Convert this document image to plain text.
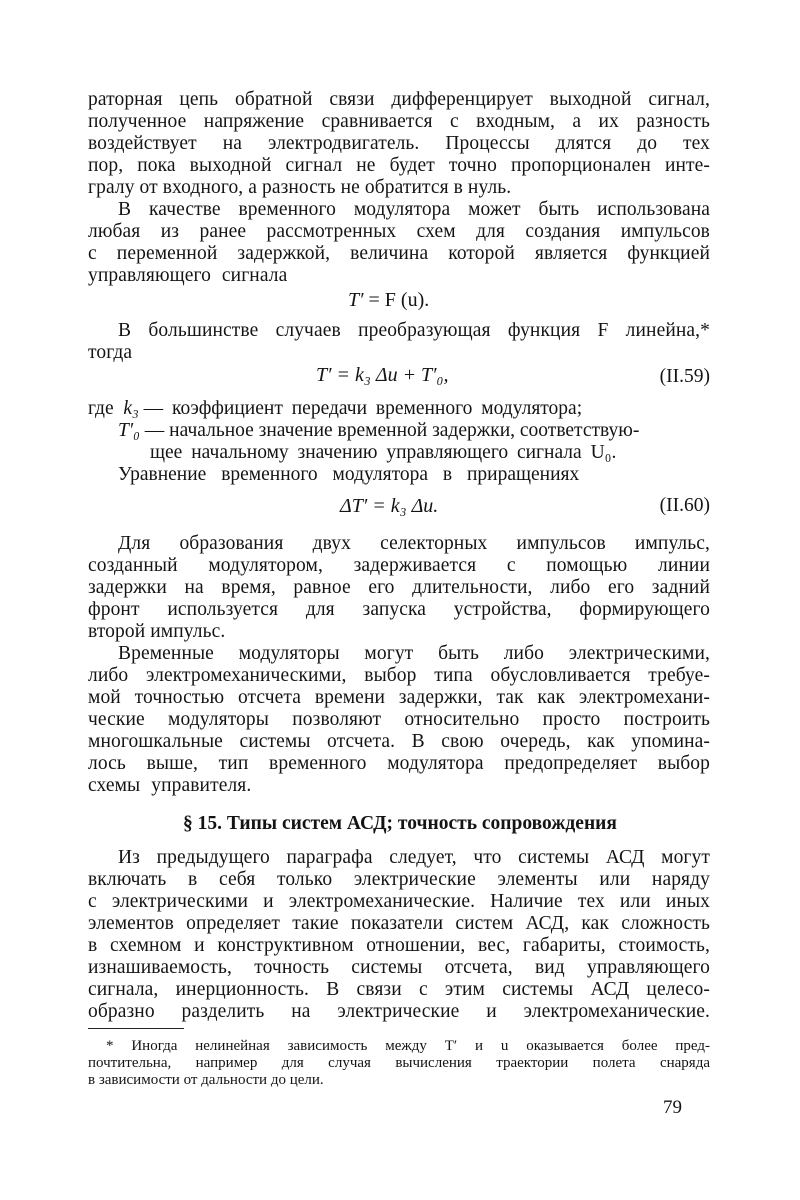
раторная цепь обратной связи дифференцирует выходной сигнал,
полученное напряжение сравнивается с входным, а их разность
воздействует на электродвигатель. Процессы длятся до тех
пор, пока выходной сигнал не будет точно пропорционален инте-
гралу от входного, а разность не обратится в нуль.
В качестве временного модулятора может быть использована
любая из ранее рассмотренных схем для создания импульсов
с переменной задержкой, величина которой является функцией
управляющего сигнала
T′ = F (u).
В большинстве случаев преобразующая функция F линейна,*
тогда
T′ = k₃ Δu + T′₀,	(II.59)
где k₃ — коэффициент передачи временного модулятора;
T′₀ — начальное значение временной задержки, соответствую-
щее начальному значению управляющего сигнала U₀.
Уравнение временного модулятора в приращениях
ΔT′ = k₃ Δu.	(II.60)
Для образования двух селекторных импульсов импульс,
созданный модулятором, задерживается с помощью линии
задержки на время, равное его длительности, либо его задний
фронт используется для запуска устройства, формирующего
второй импульс.
Временные модуляторы могут быть либо электрическими,
либо электромеханическими, выбор типа обусловливается требуе-
мой точностью отсчета времени задержки, так как электромехани-
ческие модуляторы позволяют относительно просто построить
многошкальные системы отсчета. В свою очередь, как упомина-
лось выше, тип временного модулятора предопределяет выбор
схемы управителя.
§ 15. Типы систем АСД; точность сопровождения
Из предыдущего параграфа следует, что системы АСД могут
включать в себя только электрические элементы или наряду
с электрическими и электромеханические. Наличие тех или иных
элементов определяет такие показатели систем АСД, как сложность
в схемном и конструктивном отношении, вес, габариты, стоимость,
изнашиваемость, точность системы отсчета, вид управляющего
сигнала, инерционность. В связи с этим системы АСД целесо-
образно разделить на электрические и электромеханические.
* Иногда нелинейная зависимость между T′ и u оказывается более пред-
почтительна, например для случая вычисления траектории полета снаряда
в зависимости от дальности до цели.
79
